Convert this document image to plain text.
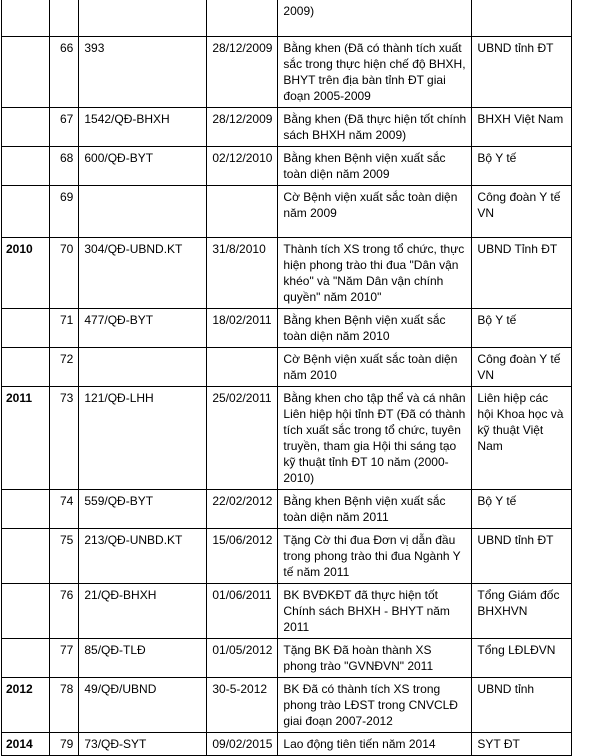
				2009)	
	66	393	28/12/2009	Bằng khen (Đã có thành tích xuất sắc trong thực hiện chế độ BHXH, BHYT trên địa bàn tỉnh ĐT giai đoạn 2005-2009	UBND tỉnh ĐT
	67	1542/QĐ-BHXH	28/12/2009	Bằng khen (Đã thực hiện tốt chính sách BHXH năm 2009)	BHXH Việt Nam
	68	600/QĐ-BYT	02/12/2010	Bằng khen Bệnh viện xuất sắc toàn diện năm 2009	Bộ Y tế
	69			Cờ Bệnh viện xuất sắc toàn diện năm 2009	Công đoàn Y tế VN
2010	70	304/QĐ-UBND.KT	31/8/2010	Thành tích XS trong tổ chức, thực hiện phong trào thi đua "Dân vận khéo" và "Năm Dân vận chính quyền" năm 2010"	UBND Tỉnh ĐT
	71	477/QĐ-BYT	18/02/2011	Bằng khen Bệnh viện xuất sắc toàn diện năm 2010	Bộ Y tế
	72			Cờ Bệnh viện xuất sắc toàn diện năm 2010	Công đoàn Y tế VN
2011	73	121/QĐ-LHH	25/02/2011	Bằng khen cho tập thể và cá nhân Liên hiệp hội tỉnh ĐT (Đã có thành tích xuất sắc trong tổ chức, tuyên truyền, tham gia Hội thi sáng tạo kỹ thuật tỉnh ĐT 10 năm (2000-2010)	Liên hiệp các hội Khoa học và kỹ thuật Việt Nam
	74	559/QĐ-BYT	22/02/2012	Bằng khen Bệnh viện xuất sắc toàn diện năm 2011	Bộ Y tế
	75	213/QĐ-UNBD.KT	15/06/2012	Tặng Cờ thi đua Đơn vị dẫn đầu trong phong trào thi đua Ngành Y tế năm 2011	UBND tỉnh ĐT
	76	21/QĐ-BHXH	01/06/2011	BK BVĐKĐT đã thực hiện tốt Chính sách BHXH - BHYT năm 2011	Tổng Giám đốc BHXHVN
	77	85/QĐ-TLĐ	01/05/2012	Tặng BK Đã hoàn thành XS phong trào "GVNĐVN" 2011	Tổng LĐLĐVN
2012	78	49/QĐ/UBND	30-5-2012	BK Đã có thành tích XS trong phong trào LĐST trong CNVCLĐ giai đoạn 2007-2012	UBND tỉnh
2014	79	73/QĐ-SYT	09/02/2015	Lao động tiên tiến năm 2014	SYT ĐT
